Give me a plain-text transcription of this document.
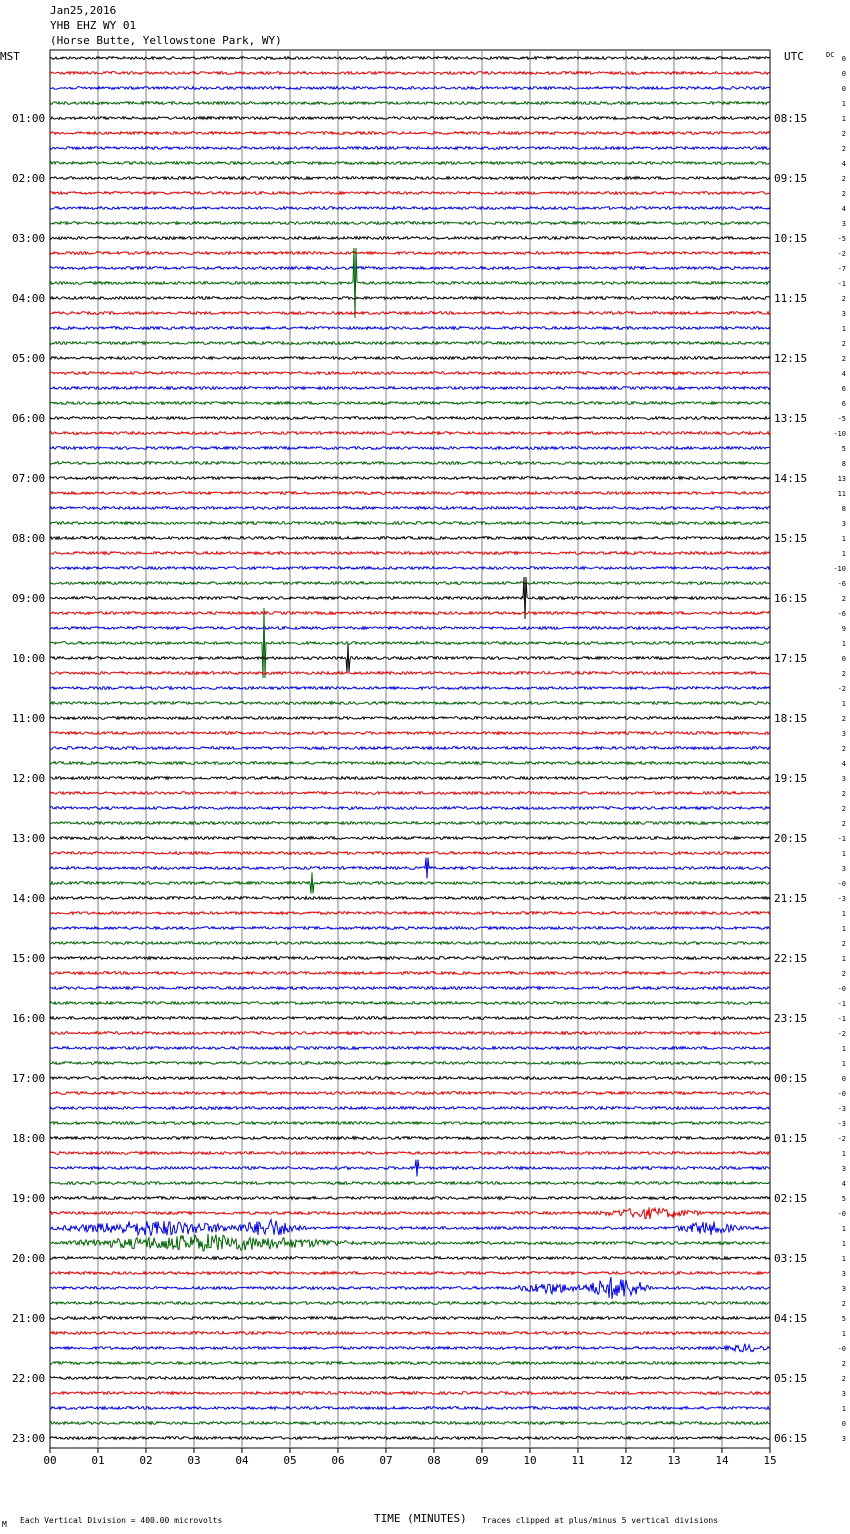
Jan25,2016
YHB EHZ WY 01
(Horse Butte, Yellowstone Park, WY)
01:00
02:00
03:00
04:00
05:00
06:00
07:00
08:00
09:00
10:00
11:00
12:00
13:00
14:00
15:00
16:00
17:00
18:00
19:00
20:00
21:00
22:00
23:00
08:15
09:15
10:15
11:15
12:15
13:15
14:15
15:15
16:15
17:15
18:15
19:15
20:15
21:15
22:15
23:15
00:15
01:15
02:15
03:15
04:15
05:15
06:15
0
0
0
1
1
2
2
4
2
2
4
3
-5
-2
-7
-1
2
3
1
2
2
4
6
6
-5
-10
5
8
13
11
8
3
1
1
-10
-6
2
-6
9
1
0
2
-2
1
2
3
2
4
3
2
2
2
-1
1
3
-0
-3
1
1
2
1
2
-0
-1
-1
-2
1
1
0
-0
-3
-3
-2
1
3
4
5
-0
1
1
1
3
3
2
5
1
-0
2
2
3
1
0
3
00	01	02	03	04	05	06	07	08	09	10	11	12	13	14	15
MST	UTC	DC
TIME (MINUTES)
M Each Vertical Division = 400.00 microvolts	Traces clipped at plus/minus 5 vertical divisions
